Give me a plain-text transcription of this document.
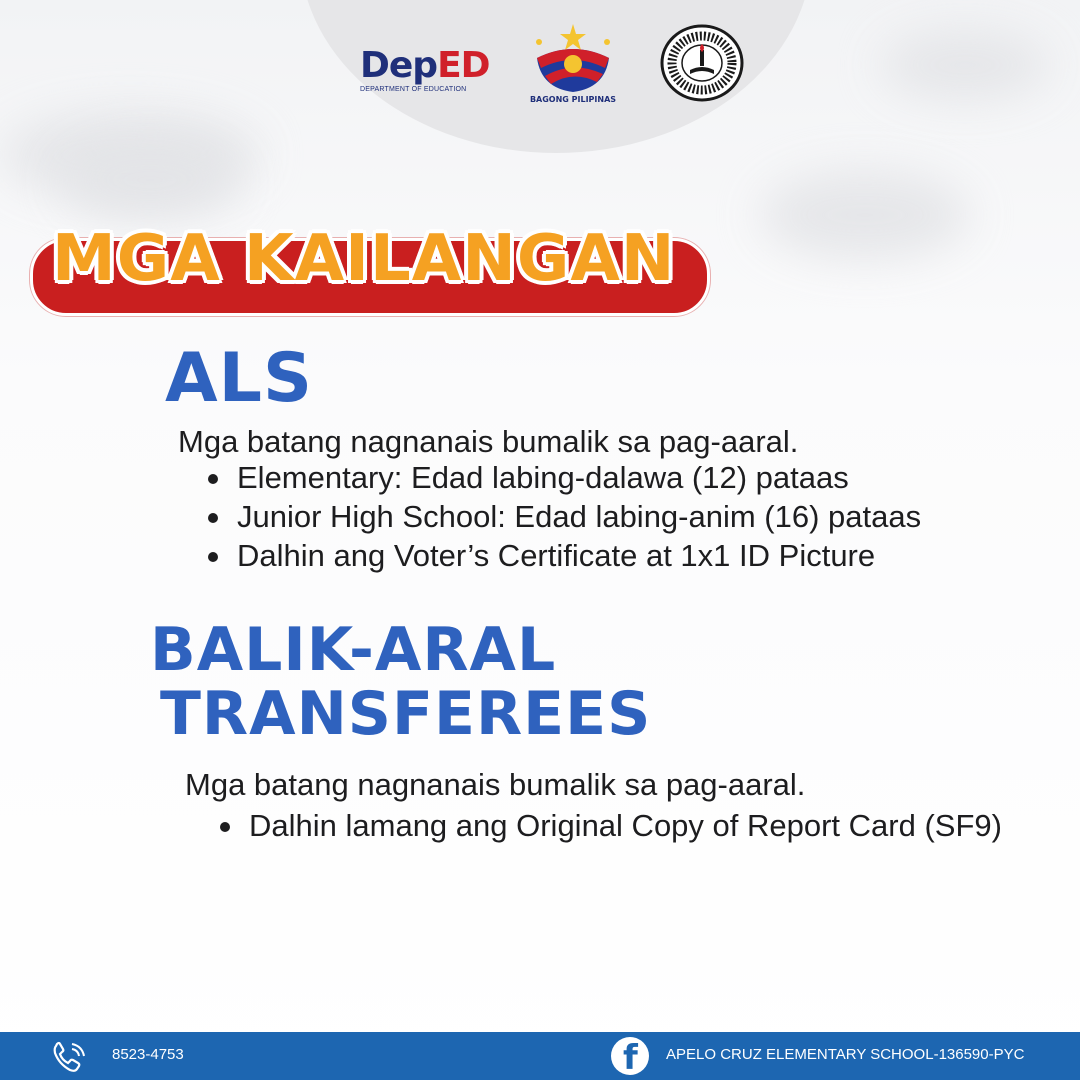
DepED
DEPARTMENT OF EDUCATION
BAGONG PILIPINAS
MGA KAILANGAN
ALS
Mga batang nagnanais bumalik sa pag-aaral.
Elementary: Edad labing-dalawa (12) pataas
Junior High School: Edad labing-anim (16) pataas
Dalhin ang Voter’s Certificate at 1x1 ID Picture
BALIK-ARAL
TRANSFEREES
Mga batang nagnanais bumalik sa pag-aaral.
Dalhin lamang ang Original Copy of Report Card (SF9)
8523-4753	f APELO CRUZ ELEMENTARY SCHOOL-136590-PYC
